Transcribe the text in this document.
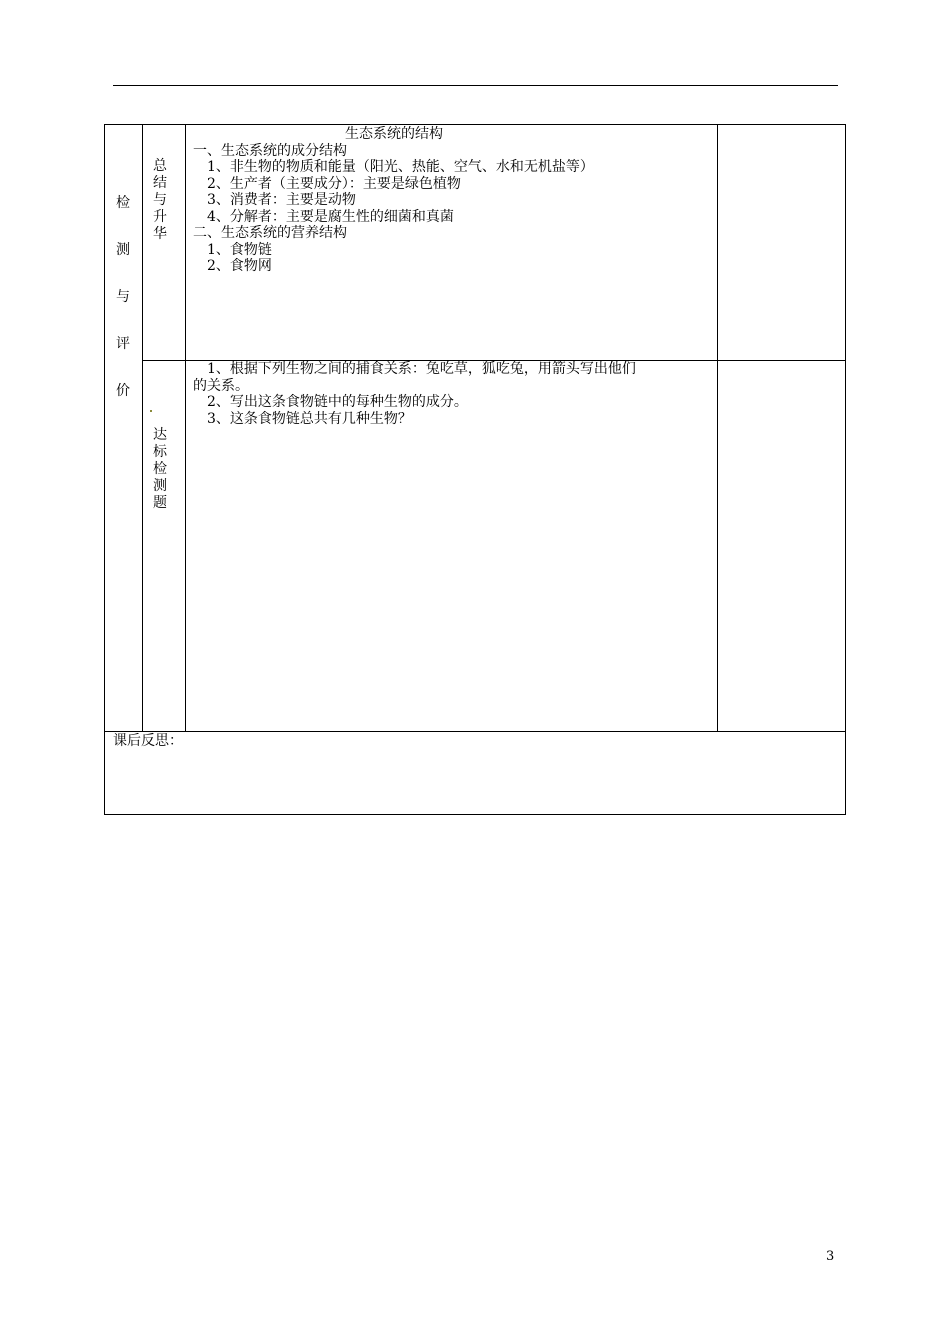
检
测
与
评
价
总
结
与
升
华
生态系统的结构
一、生态系统的成分结构
　1、非生物的物质和能量（阳光、热能、空气、水和无机盐等）
　2、生产者（主要成分）：主要是绿色植物
　3、消费者：主要是动物
　4、分解者：主要是腐生性的细菌和真菌
二、生态系统的营养结构
　1、食物链
　2、食物网
达
标
检
测
题
　1、根据下列生物之间的捕食关系：兔吃草，狐吃兔，用箭头写出他们
的关系。
　2、写出这条食物链中的每种生物的成分。
　3、这条食物链总共有几种生物？
课后反思：
3
